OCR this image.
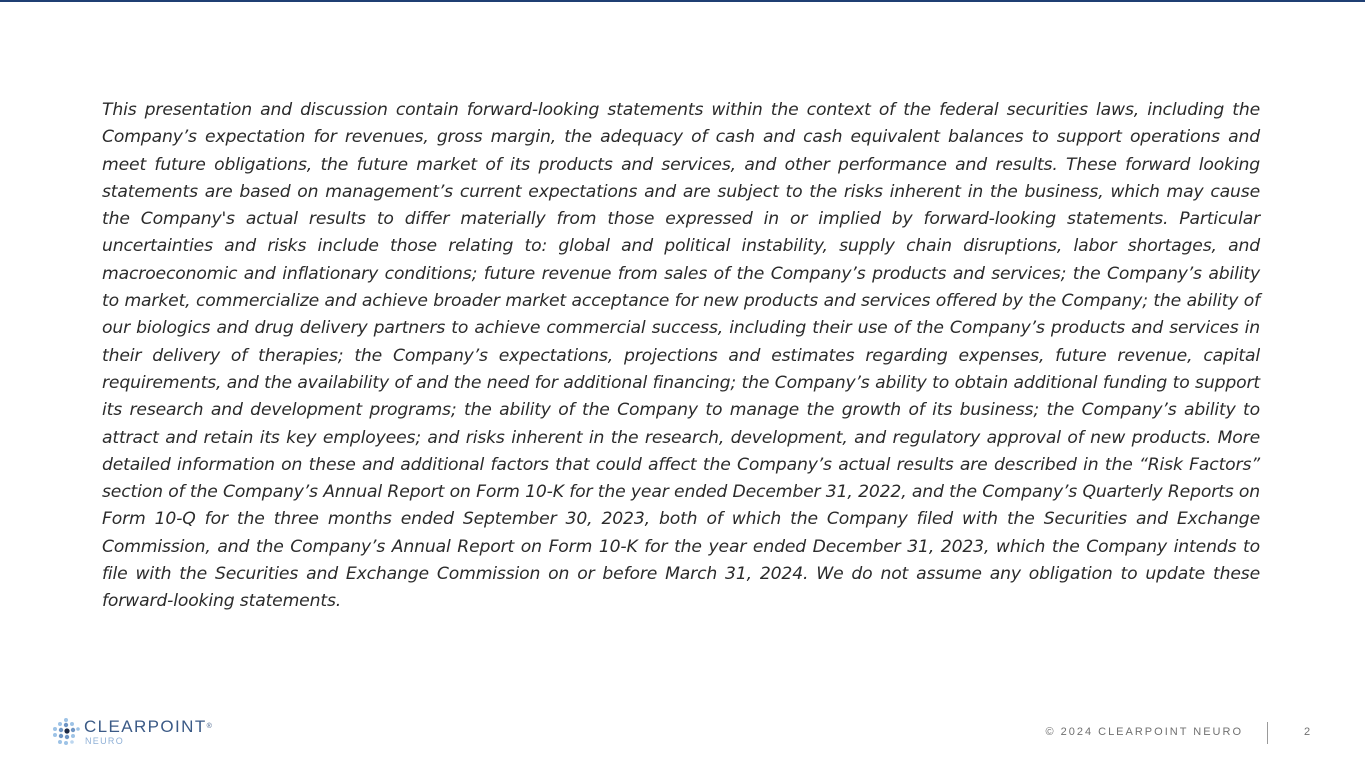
This presentation and discussion contain forward-looking statements within the context of the federal securities laws, including the Company’s expectation for revenues, gross margin, the adequacy of cash and cash equivalent balances to support operations and meet future obligations, the future market of its products and services, and other performance and results. These forward looking statements are based on management’s current expectations and are subject to the risks inherent in the business, which may cause the Company's actual results to differ materially from those expressed in or implied by forward-looking statements. Particular uncertainties and risks include those relating to: global and political instability, supply chain disruptions, labor shortages, and macroeconomic and inflationary conditions; future revenue from sales of the Company’s products and services; the Company’s ability to market, commercialize and achieve broader market acceptance for new products and services offered by the Company; the ability of our biologics and drug delivery partners to achieve commercial success, including their use of the Company’s products and services in their delivery of therapies; the Company’s expectations, projections and estimates regarding expenses, future revenue, capital requirements, and the availability of and the need for additional financing; the Company’s ability to obtain additional funding to support its research and development programs; the ability of the Company to manage the growth of its business; the Company’s ability to attract and retain its key employees; and risks inherent in the research, development, and regulatory approval of new products. More detailed information on these and additional factors that could affect the Company’s actual results are described in the “Risk Factors” section of the Company’s Annual Report on Form 10-K for the year ended December 31, 2022, and the Company’s Quarterly Reports on Form 10-Q for the three months ended September 30, 2023, both of which the Company filed with the Securities and Exchange Commission, and the Company’s Annual Report on Form 10-K for the year ended December 31, 2023, which the Company intends to file with the Securities and Exchange Commission on or before March 31, 2024. We do not assume any obligation to update these forward-looking statements.

CLEARPOINT®
NEURO
© 2024 CLEARPOINT NEURO	2
